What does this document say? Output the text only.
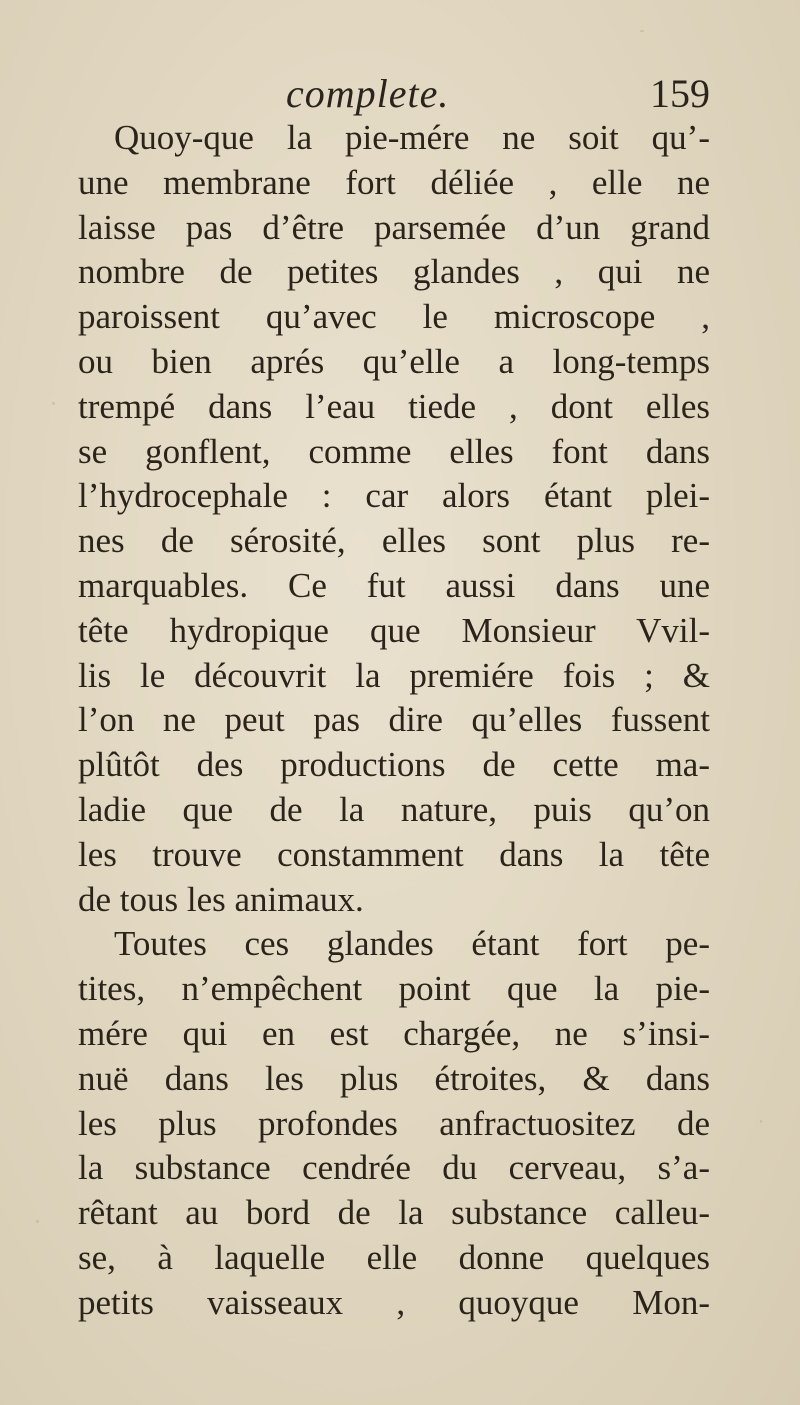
complete.	159
Quoy-que la pie-mére ne soit qu’-
une membrane fort déliée , elle ne
laisse pas d’être parsemée d’un grand
nombre de petites glandes , qui ne
paroissent qu’avec le microscope ,
ou bien aprés qu’elle a long-temps
trempé dans l’eau tiede , dont elles
se gonflent, comme elles font dans
l’hydrocephale : car alors étant plei-
nes de sérosité, elles sont plus re-
marquables. Ce fut aussi dans une
tête hydropique que Monsieur Vvil-
lis le découvrit la premiére fois ; &
l’on ne peut pas dire qu’elles fussent
plûtôt des productions de cette ma-
ladie que de la nature, puis qu’on
les trouve constamment dans la tête
de tous les animaux.
Toutes ces glandes étant fort pe-
tites, n’empêchent point que la pie-
mére qui en est chargée, ne s’insi-
nuë dans les plus étroites, & dans
les plus profondes anfractuositez de
la substance cendrée du cerveau, s’a-
rêtant au bord de la substance calleu-
se, à laquelle elle donne quelques
petits vaisseaux , quoyque Mon-
